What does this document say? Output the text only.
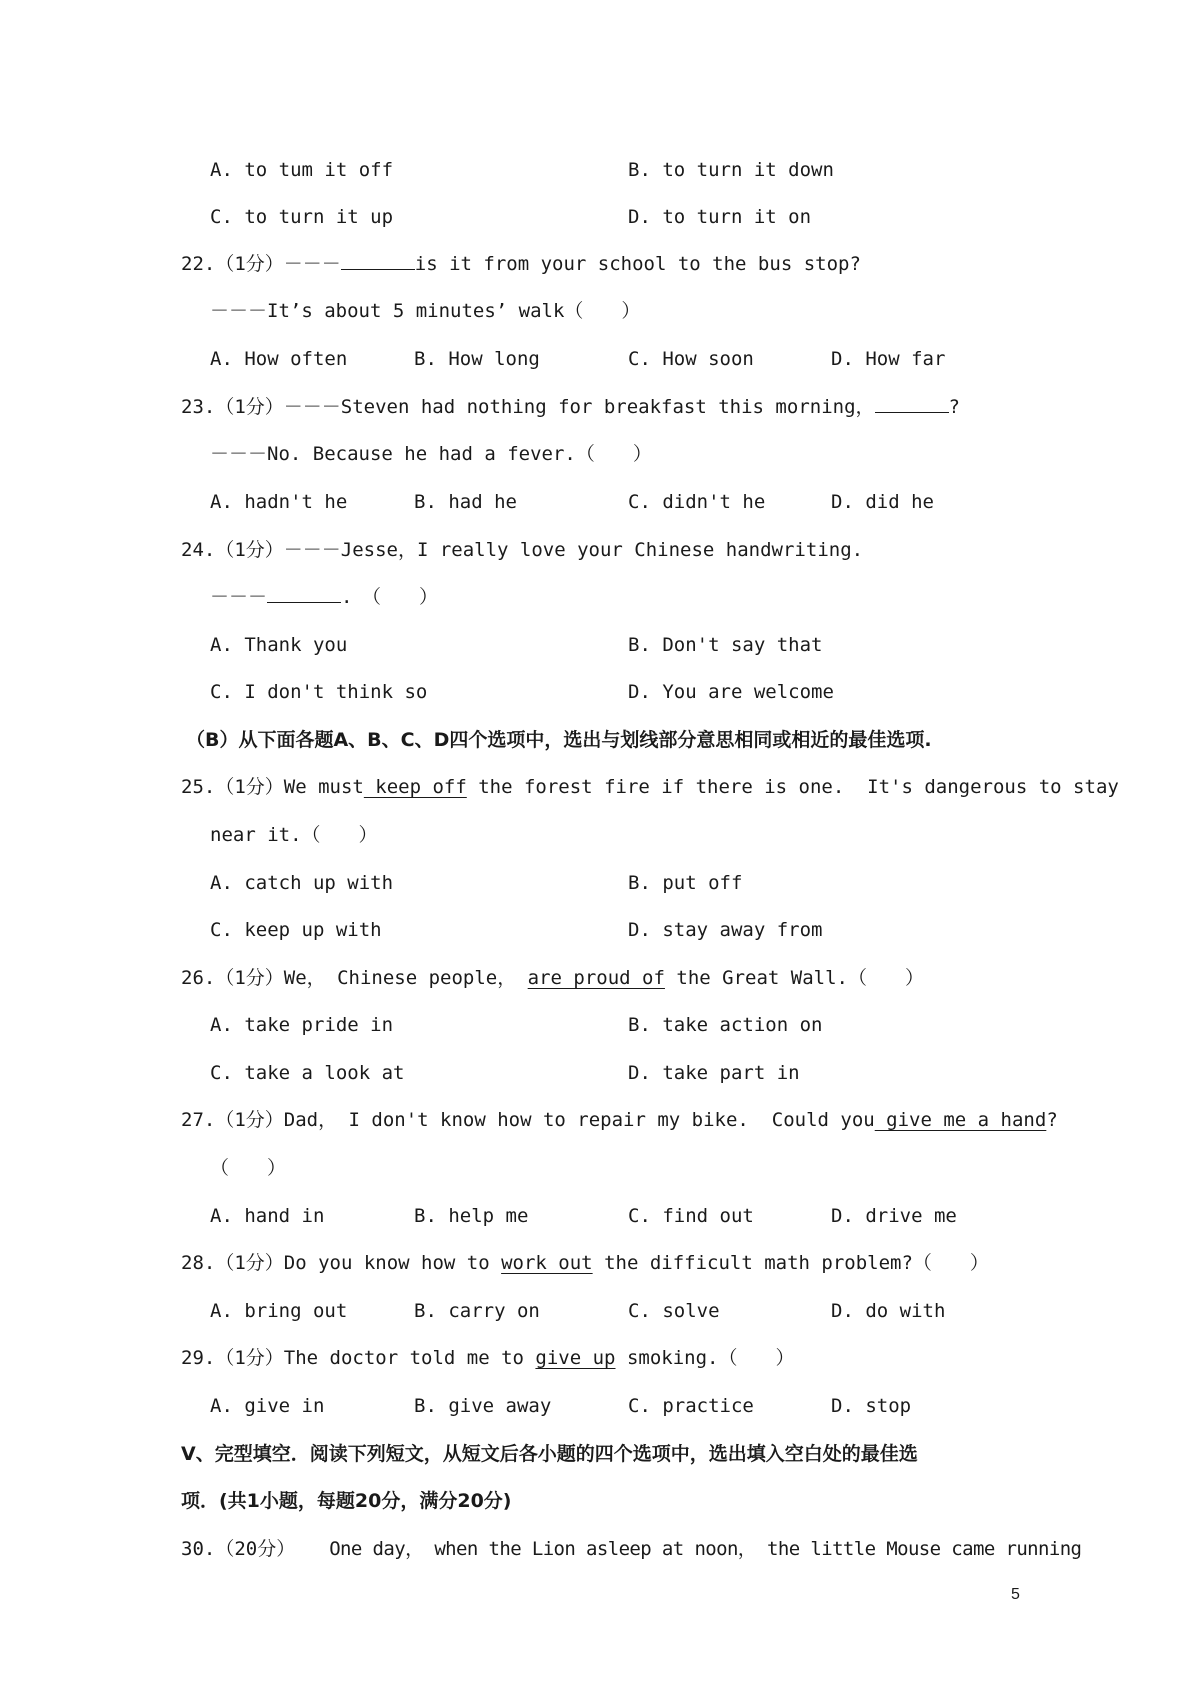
A. to tum it off	B. to turn it down
C. to turn it up	D. to turn it on
22.（1分）－－－	is it from your school to the bus stop?
－－－It’s about 5 minutes’ walk（　　）
A. How often	B. How long	C. How soon	D. How far
23.（1分）－－－Steven had nothing for breakfast this morning，	?
－－－No. Because he had a fever.（　　）
A. hadn't he	B. had he	C. didn't he	D. did he
24.（1分）－－－Jesse，I really love your Chinese handwriting.
－－－	.　（　　）
A. Thank you	B. Don't say that
C. I don't think so	D. You are welcome
（B）从下面各题A、B、C、D四个选项中，选出与划线部分意思相同或相近的最佳选项.
25.（1分）We must keep off the forest fire if there is one.  It's dangerous to stay
near it.（　　）
A. catch up with	B. put off
C. keep up with	D. stay away from
26.（1分）We， Chinese people， are proud of the Great Wall.（　　）
A. take pride in	B. take action on
C. take a look at	D. take part in
27.（1分）Dad， I don't know how to repair my bike.  Could you give me a hand?
（　　）
A. hand in	B. help me	C. find out	D. drive me
28.（1分）Do you know how to work out the difficult math problem?（　　）
A. bring out	B. carry on	C. solve	D. do with
29.（1分）The doctor told me to give up smoking.（　　）
A. give in	B. give away	C. practice	D. stop
V、完型填空．阅读下列短文，从短文后各小题的四个选项中，选出填入空白处的最佳选
项．(共1小题，每题20分，满分20分)
30.（20分） One day， when the Lion asleep at noon， the little Mouse came running
5
